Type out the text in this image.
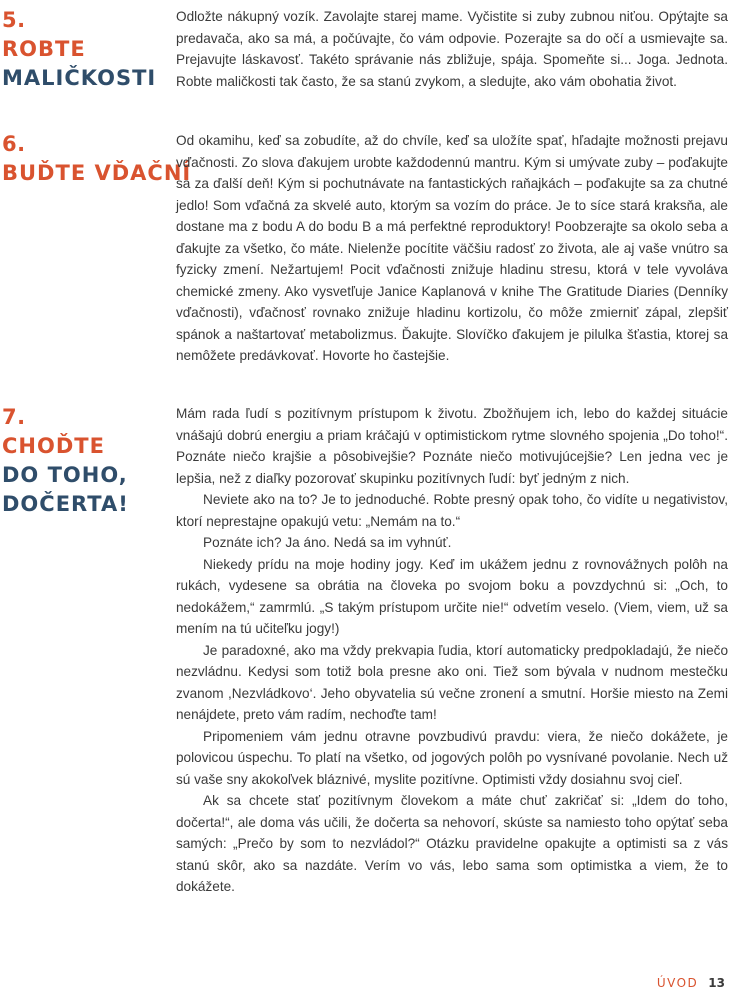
5.
ROBTE
MALIČKOSTI

Odložte nákupný vozík. Zavolajte starej mame. Vyčistite si zuby zubnou niťou. Opýtajte sa predavača, ako sa má, a počúvajte, čo vám odpovie. Pozerajte sa do očí a usmievajte sa. Prejavujte láskavosť. Takéto správanie nás zbližuje, spája. Spomeňte si... Joga. Jednota. Robte maličkosti tak často, že sa stanú zvykom, a sledujte, ako vám obohatia život.

6.
BUĎTE VĎAČNÍ

Od okamihu, keď sa zobudíte, až do chvíle, keď sa uložíte spať, hľadajte možnosti prejavu vďačnosti. Zo slova ďakujem urobte každodennú mantru. Kým si umývate zuby – poďakujte sa za ďalší deň! Kým si pochutnávate na fantastických raňajkách – poďakujte sa za chutné jedlo! Som vďačná za skvelé auto, ktorým sa vozím do práce. Je to síce stará kraksňa, ale dostane ma z bodu A do bodu B a má perfektné reproduktory! Poobzerajte sa okolo seba a ďakujte za všetko, čo máte. Nielenže pocítite väčšiu radosť zo života, ale aj vaše vnútro sa fyzicky zmení. Nežartujem! Pocit vďačnosti znižuje hladinu stresu, ktorá v tele vyvoláva chemické zmeny. Ako vysvetľuje Janice Kaplanová v knihe The Gratitude Diaries (Denníky vďačnosti), vďačnosť rovnako znižuje hladinu kortizolu, čo môže zmierniť zápal, zlepšiť spánok a naštartovať metabolizmus. Ďakujte. Slovíčko ďakujem je pilulka šťastia, ktorej sa nemôžete predávkovať. Hovorte ho častejšie.

7.
CHOĎTE
DO TOHO,
DOČERTA!

Mám rada ľudí s pozitívnym prístupom k životu. Zbožňujem ich, lebo do každej situácie vnášajú dobrú energiu a priam kráčajú v optimistickom rytme slovného spojenia „Do toho!“. Poznáte niečo krajšie a pôsobivejšie? Poznáte niečo motivujúcejšie? Len jedna vec je lepšia, než z diaľky pozorovať skupinku pozitívnych ľudí: byť jedným z nich.

Neviete ako na to? Je to jednoduché. Robte presný opak toho, čo vidíte u negativistov, ktorí neprestajne opakujú vetu: „Nemám na to.“

Poznáte ich? Ja áno. Nedá sa im vyhnúť.

Niekedy prídu na moje hodiny jogy. Keď im ukážem jednu z rovnovážnych polôh na rukách, vydesene sa obrátia na človeka po svojom boku a povzdychnú si: „Och, to nedokážem,“ zamrmlú. „S takým prístupom určite nie!“ odvetím veselo. (Viem, viem, už sa mením na tú učiteľku jogy!)

Je paradoxné, ako ma vždy prekvapia ľudia, ktorí automaticky predpokladajú, že niečo nezvládnu. Kedysi som totiž bola presne ako oni. Tiež som bývala v nudnom mestečku zvanom ,Nezvládkovo‘. Jeho obyvatelia sú večne zronení a smutní. Horšie miesto na Zemi nenájdete, preto vám radím, nechoďte tam!

Pripomeniem vám jednu otravne povzbudivú pravdu: viera, že niečo dokážete, je polovicou úspechu. To platí na všetko, od jogových polôh po vysnívané povolanie. Nech už sú vaše sny akokoľvek bláznivé, myslite pozitívne. Optimisti vždy dosiahnu svoj cieľ.

Ak sa chcete stať pozitívnym človekom a máte chuť zakričať si: „Idem do toho, dočerta!“, ale doma vás učili, že dočerta sa nehovorí, skúste sa namiesto toho opýtať seba samých: „Prečo by som to nezvládol?“ Otázku pravidelne opakujte a optimisti sa z vás stanú skôr, ako sa nazdáte. Verím vo vás, lebo sama som optimistka a viem, že to dokážete.

ÚVOD 13
